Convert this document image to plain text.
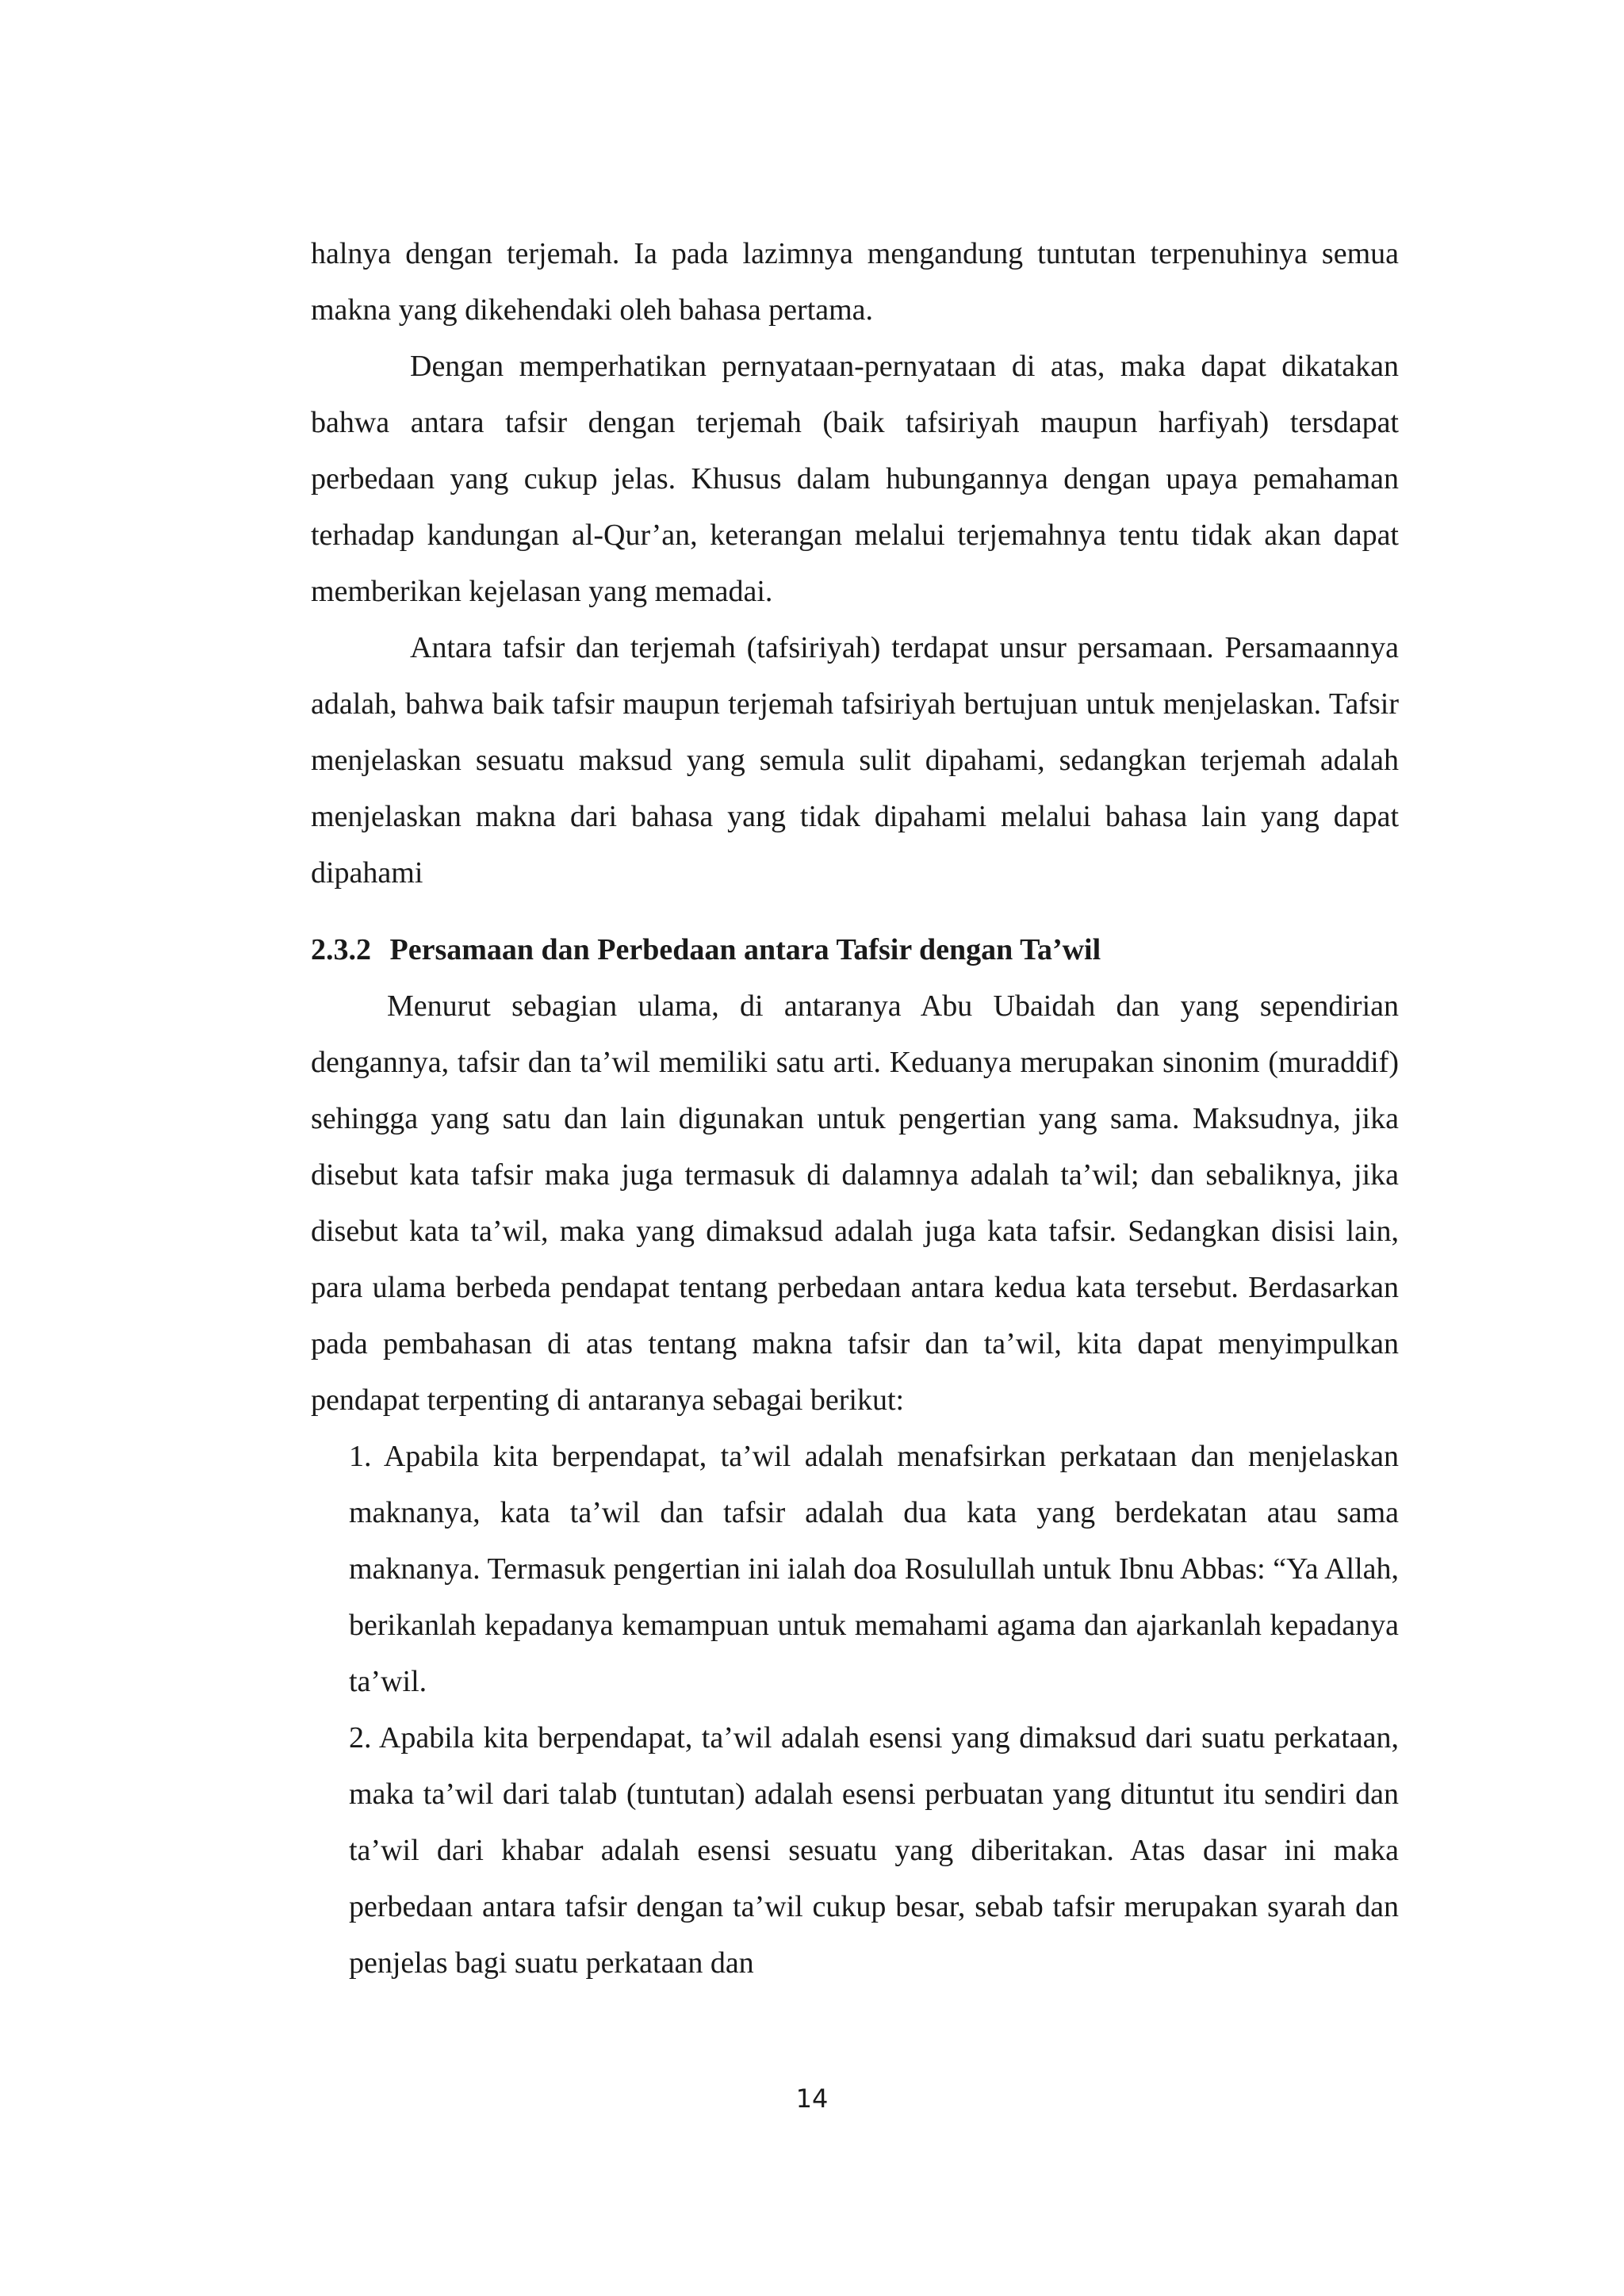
halnya dengan terjemah. Ia pada lazimnya mengandung tuntutan terpenuhinya semua makna yang dikehendaki oleh bahasa pertama.

Dengan memperhatikan pernyataan-pernyataan di atas, maka dapat dikatakan bahwa antara tafsir dengan terjemah (baik tafsiriyah maupun harfiyah) tersdapat perbedaan yang cukup jelas. Khusus dalam hubungannya dengan upaya pemahaman terhadap kandungan al-Qur’an, keterangan melalui terjemahnya tentu tidak akan dapat memberikan kejelasan yang memadai.

Antara tafsir dan terjemah (tafsiriyah) terdapat unsur persamaan. Persamaannya adalah, bahwa baik tafsir maupun terjemah tafsiriyah bertujuan untuk menjelaskan. Tafsir menjelaskan sesuatu maksud yang semula sulit dipahami, sedangkan terjemah adalah menjelaskan makna dari bahasa yang tidak dipahami melalui bahasa lain yang dapat dipahami

2.3.2 Persamaan dan Perbedaan antara Tafsir dengan Ta’wil

Menurut sebagian ulama, di antaranya Abu Ubaidah dan yang sependirian dengannya, tafsir dan ta’wil memiliki satu arti. Keduanya merupakan sinonim (muraddif) sehingga yang satu dan lain digunakan untuk pengertian yang sama. Maksudnya, jika disebut kata tafsir maka juga termasuk di dalamnya adalah ta’wil; dan sebaliknya, jika disebut kata ta’wil, maka yang dimaksud adalah juga kata tafsir. Sedangkan disisi lain, para ulama berbeda pendapat tentang perbedaan antara kedua kata tersebut. Berdasarkan pada pembahasan di atas tentang makna tafsir dan ta’wil, kita dapat menyimpulkan pendapat terpenting di antaranya sebagai berikut:

1. Apabila kita berpendapat, ta’wil adalah menafsirkan perkataan dan menjelaskan maknanya, kata ta’wil dan tafsir adalah dua kata yang berdekatan atau sama maknanya. Termasuk pengertian ini ialah doa Rosulullah untuk Ibnu Abbas: “Ya Allah, berikanlah kepadanya kemampuan untuk memahami agama dan ajarkanlah kepadanya ta’wil.

2. Apabila kita berpendapat, ta’wil adalah esensi yang dimaksud dari suatu perkataan, maka ta’wil dari talab (tuntutan) adalah esensi perbuatan yang dituntut itu sendiri dan ta’wil dari khabar adalah esensi sesuatu yang diberitakan. Atas dasar ini maka perbedaan antara tafsir dengan ta’wil cukup besar, sebab tafsir merupakan syarah dan penjelas bagi suatu perkataan dan

14
